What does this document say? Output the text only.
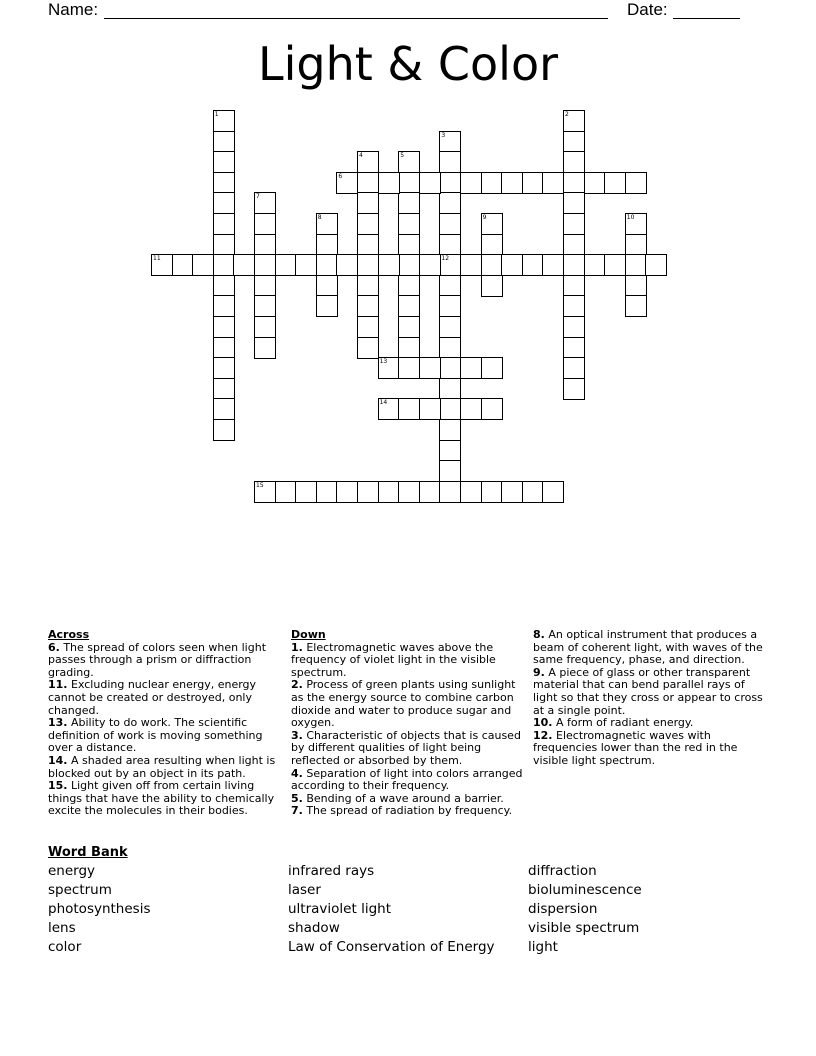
Name:	Date:
Light & Color
1	2
3
12
4	5
6
7
8	9	10
11
13
14
15
Across
6. The spread of colors seen when light passes through a prism or diffraction grading.
11. Excluding nuclear energy, energy cannot be created or destroyed, only changed.
13. Ability to do work. The scientific definition of work is moving something over a distance.
14. A shaded area resulting when light is blocked out by an object in its path.
15. Light given off from certain living things that have the ability to chemically excite the molecules in their bodies.
Down
1. Electromagnetic waves above the frequency of violet light in the visible spectrum.
2. Process of green plants using sunlight as the energy source to combine carbon dioxide and water to produce sugar and oxygen.
3. Characteristic of objects that is caused by different qualities of light being reflected or absorbed by them.
4. Separation of light into colors arranged according to their frequency.
5. Bending of a wave around a barrier.
7. The spread of radiation by frequency.
8. An optical instrument that produces a beam of coherent light, with waves of the same frequency, phase, and direction.
9. A piece of glass or other transparent material that can bend parallel rays of light so that they cross or appear to cross at a single point.
10. A form of radiant energy.
12. Electromagnetic waves with frequencies lower than the red in the visible light spectrum.
Word Bank
energy
spectrum
photosynthesis
lens
color
infrared rays
laser
ultraviolet light
shadow
Law of Conservation of Energy
diffraction
bioluminescence
dispersion
visible spectrum
light
